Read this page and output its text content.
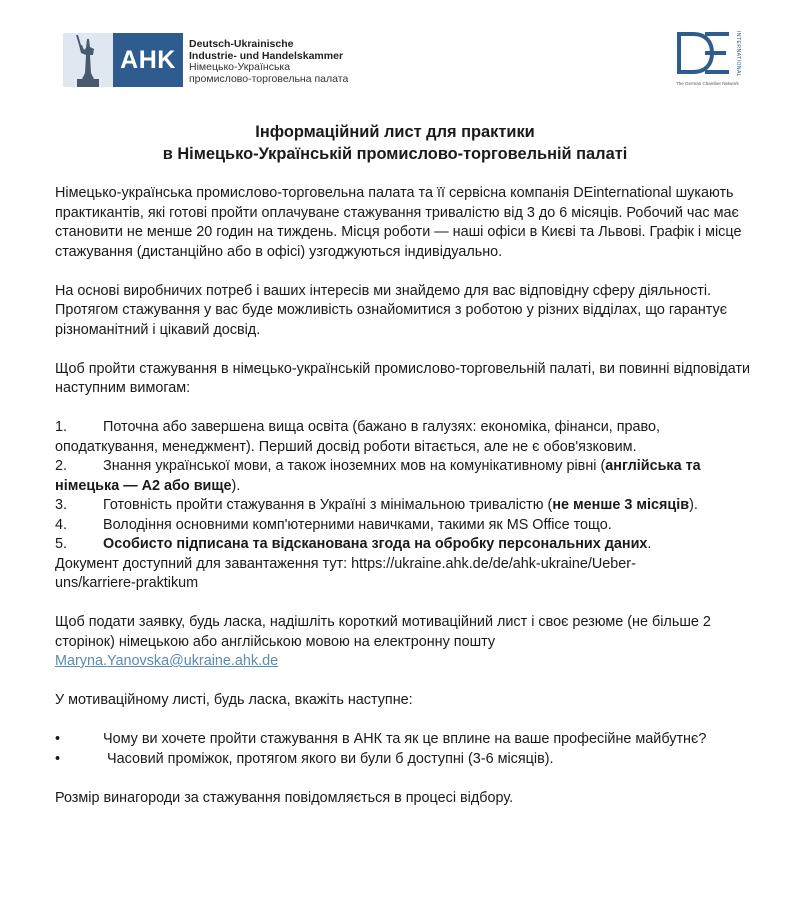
AHK
Deutsch-Ukrainische
Industrie- und Handelskammer
Німецько-Українська
промислово-торговельна палата
INTERNATIONAL
The German Chamber Network
Інформаційний лист для практики
в Німецько-Українській промислово-торговельній палаті

Німецько-українська промислово-торговельна палата та її сервісна компанія DEinternational шукають практикантів, які готові пройти оплачуване стажування тривалістю від 3 до 6 місяців. Робочий час має становити не менше 20 годин на тиждень. Місця роботи — наші офіси в Києві та Львові. Графік і місце стажування (дистанційно або в офісі) узгоджуються індивідуально.

На основі виробничих потреб і ваших інтересів ми знайдемо для вас відповідну сферу діяльності. Протягом стажування у вас буде можливість ознайомитися з роботою у різних відділах, що гарантує різноманітний і цікавий досвід.

Щоб пройти стажування в німецько-українській промислово-торговельній палаті, ви повинні відповідати наступним вимогам:

1.	Поточна або завершена вища освіта (бажано в галузях: економіка, фінанси, право,

оподаткування, менеджмент). Перший досвід роботи вітається, але не є обов'язковим.

2.	Знання української мови, а також іноземних мов на комунікативному рівні (англійська та

німецька — А2 або вище).

3.	Готовність пройти стажування в Україні з мінімальною тривалістю (не менше 3 місяців).
4.	Володіння основними комп'ютерними навичками, такими як MS Office тощо.
5.	Особисто підписана та відсканована згода на обробку персональних даних.

Документ доступний для завантаження тут: https://ukraine.ahk.de/de/ahk-ukraine/Ueber-

uns/karriere-praktikum

Щоб подати заявку, будь ласка, надішліть короткий мотиваційний лист і своє резюме (не більше 2 сторінок) німецькою або англійською мовою на електронну пошту

Maryna.Yanovska@ukraine.ahk.de

У мотиваційному листі, будь ласка, вкажіть наступне:

•	Чому ви хочете пройти стажування в АНК та як це вплине на ваше професійне майбутнє?
•	Часовий проміжок, протягом якого ви були б доступні (3-6 місяців).

Розмір винагороди за стажування повідомляється в процесі відбору.
